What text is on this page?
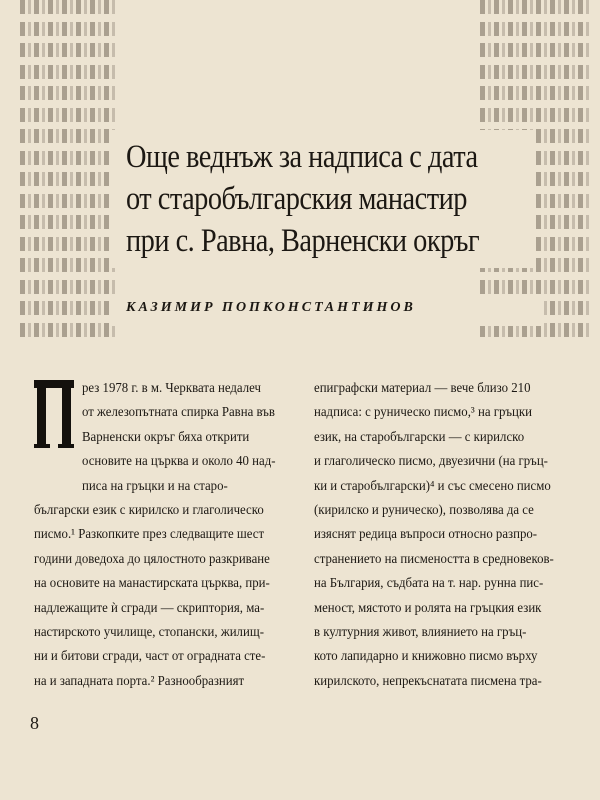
Още веднъж за надписа с дата
от старобългарския манастир
при с. Равна, Варненски окръг
КАЗИМИР ПОПКОНСТАНТИНОВ
рез 1978 г. в м. Черквата недалеч
от железопътната спирка Равна във
Варненски окръг бяха открити
основите на църква и около 40 над-
писа на гръцки и на старо-
български език с кирилско и глаголическо
писмо.¹ Разкопките през следващите шест
години доведоха до цялостното разкриване
на основите на манастирската църква, при-
надлежащите ѝ сгради — скриптория, ма-
настирското училище, стопански, жилищ-
ни и битови сгради, част от оградната сте-
на и западната порта.² Разнообразният
епиграфски материал — вече близо 210
надписа: с руническо писмо,³ на гръцки
език, на старобългарски — с кирилско
и глаголическо писмо, двуезични (на гръц-
ки и старобългарски)⁴ и със смесено писмо
(кирилско и руническо), позволява да се
изяснят редица въпроси относно разпро-
странението на писмеността в средновеков-
на България, съдбата на т. нар. рунна пис-
меност, мястото и ролята на гръцкия език
в културния живот, влиянието на гръц-
кото лапидарно и книжовно писмо върху
кирилското, непрекъснатата писмена тра-
8
